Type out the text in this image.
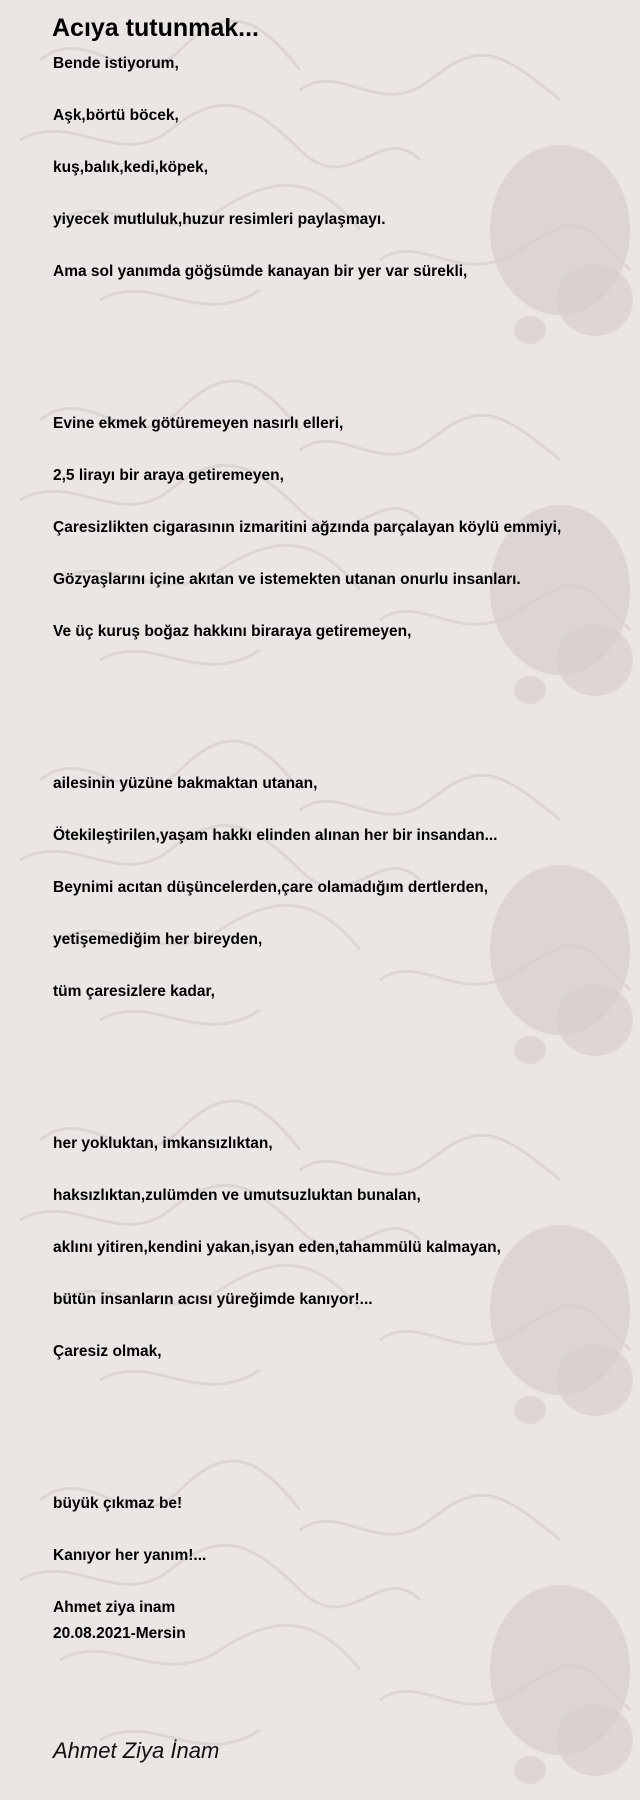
Acıya tutunmak...
Bende istiyorum,
Aşk,börtü böcek,
kuş,balık,kedi,köpek,
yiyecek mutluluk,huzur resimleri paylaşmayı.
Ama sol yanımda göğsümde kanayan bir yer var sürekli,
Evine ekmek götüremeyen nasırlı elleri,
2,5 lirayı bir araya getiremeyen,
Çaresizlikten cigarasının izmaritini ağzında parçalayan köylü emmiyi,
Gözyaşlarını içine akıtan ve istemekten utanan onurlu insanları.
Ve üç kuruş boğaz hakkını biraraya getiremeyen,
ailesinin yüzüne bakmaktan utanan,
Ötekileştirilen,yaşam hakkı elinden alınan her bir insandan...
Beynimi acıtan düşüncelerden,çare olamadığım dertlerden,
yetişemediğim her bireyden,
tüm çaresizlere kadar,
her yokluktan, imkansızlıktan,
haksızlıktan,zulümden ve umutsuzluktan bunalan,
aklını yitiren,kendini yakan,isyan eden,tahammülü kalmayan,
bütün insanların acısı yüreğimde kanıyor!...
Çaresiz olmak,
büyük çıkmaz be!
Kanıyor her yanım!...
Ahmet ziya inam
20.08.2021-Mersin
Ahmet Ziya İnam
